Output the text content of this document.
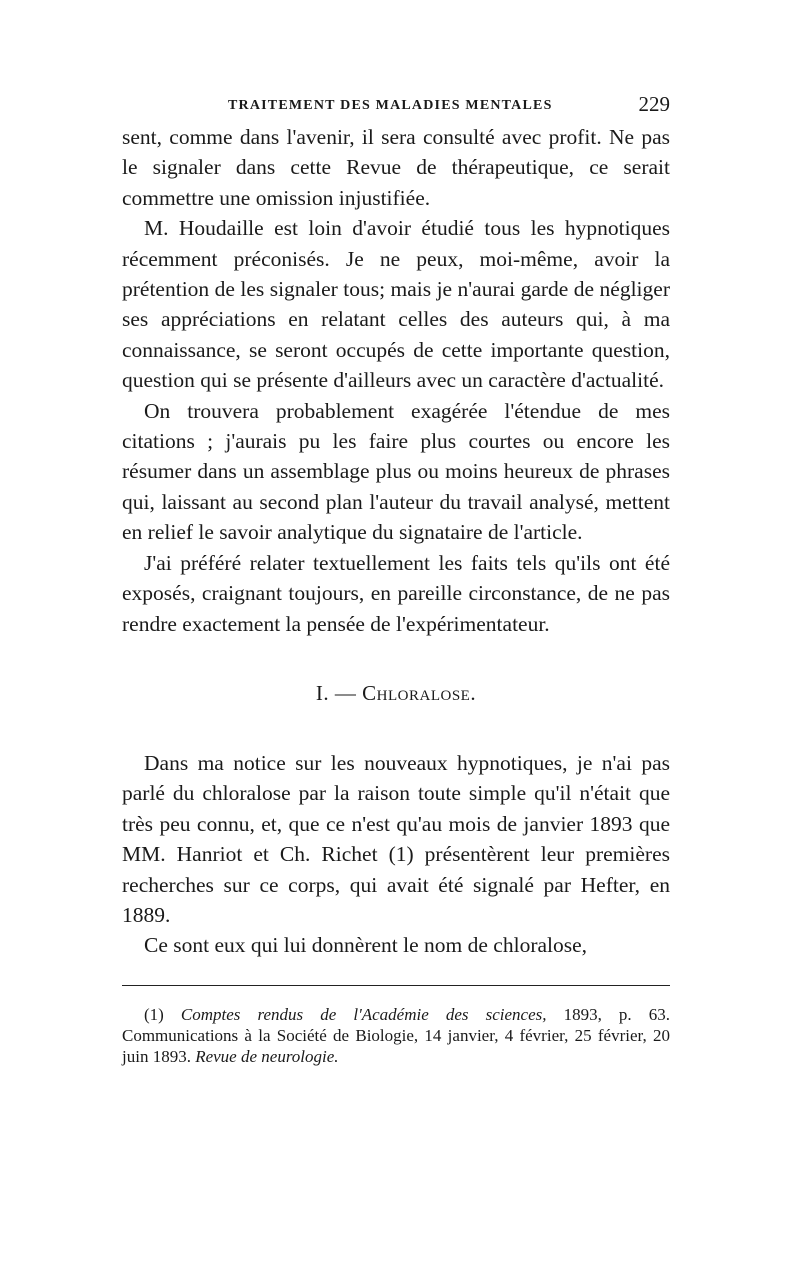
TRAITEMENT DES MALADIES MENTALES	229

sent, comme dans l'avenir, il sera consulté avec profit. Ne pas le signaler dans cette Revue de thérapeutique, ce serait commettre une omission injustifiée.

M. Houdaille est loin d'avoir étudié tous les hypnotiques récemment préconisés. Je ne peux, moi-même, avoir la prétention de les signaler tous; mais je n'aurai garde de négliger ses appréciations en relatant celles des auteurs qui, à ma connaissance, se seront occupés de cette importante question, question qui se présente d'ailleurs avec un caractère d'actualité.

On trouvera probablement exagérée l'étendue de mes citations ; j'aurais pu les faire plus courtes ou encore les résumer dans un assemblage plus ou moins heureux de phrases qui, laissant au second plan l'auteur du travail analysé, mettent en relief le savoir analytique du signataire de l'article.

J'ai préféré relater textuellement les faits tels qu'ils ont été exposés, craignant toujours, en pareille circonstance, de ne pas rendre exactement la pensée de l'expérimentateur.

I. — Chloralose.

Dans ma notice sur les nouveaux hypnotiques, je n'ai pas parlé du chloralose par la raison toute simple qu'il n'était que très peu connu, et, que ce n'est qu'au mois de janvier 1893 que MM. Hanriot et Ch. Richet (1) présentèrent leur premières recherches sur ce corps, qui avait été signalé par Hefter, en 1889.

Ce sont eux qui lui donnèrent le nom de chloralose,

(1) Comptes rendus de l'Académie des sciences, 1893, p. 63. Communications à la Société de Biologie, 14 janvier, 4 février, 25 février, 20 juin 1893. Revue de neurologie.
